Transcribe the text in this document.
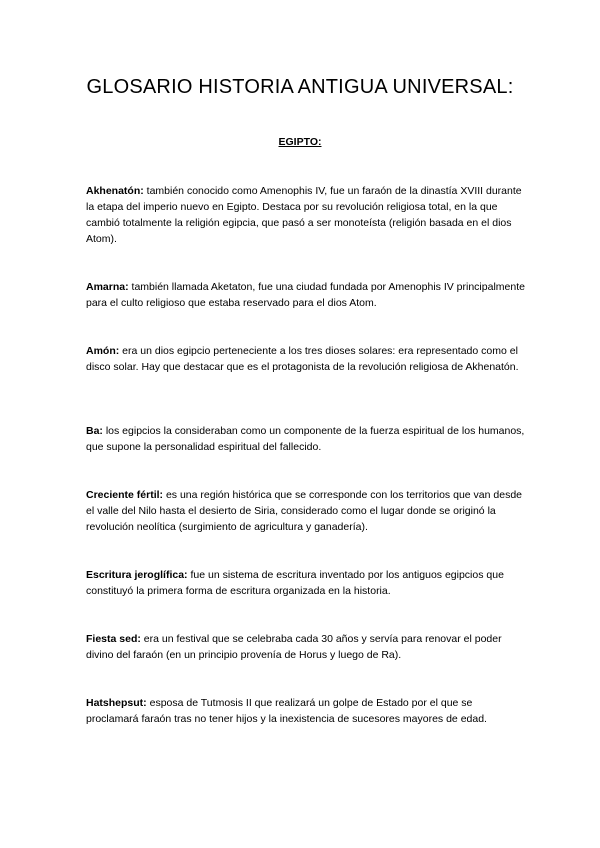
GLOSARIO HISTORIA ANTIGUA UNIVERSAL:
EGIPTO:

Akhenatón: también conocido como Amenophis IV, fue un faraón de la dinastía XVIII durante la etapa del imperio nuevo en Egipto. Destaca por su revolución religiosa total, en la que cambió totalmente la religión egipcia, que pasó a ser monoteísta (religión basada en el dios Atom).

Amarna: también llamada Aketaton, fue una ciudad fundada por Amenophis IV principalmente para el culto religioso que estaba reservado para el dios Atom.

Amón: era un dios egipcio perteneciente a los tres dioses solares: era representado como el disco solar. Hay que destacar que es el protagonista de la revolución religiosa de Akhenatón.

Ba: los egipcios la consideraban como un componente de la fuerza espiritual de los humanos, que supone la personalidad espiritual del fallecido.

Creciente fértil: es una región histórica que se corresponde con los territorios que van desde el valle del Nilo hasta el desierto de Siria, considerado como el lugar donde se originó la revolución neolítica (surgimiento de agricultura y ganadería).

Escritura jeroglífica: fue un sistema de escritura inventado por los antiguos egipcios que constituyó la primera forma de escritura organizada en la historia.

Fiesta sed: era un festival que se celebraba cada 30 años y servía para renovar el poder divino del faraón (en un principio provenía de Horus y luego de Ra).

Hatshepsut: esposa de Tutmosis II que realizará un golpe de Estado por el que se proclamará faraón tras no tener hijos y la inexistencia de sucesores mayores de edad.
